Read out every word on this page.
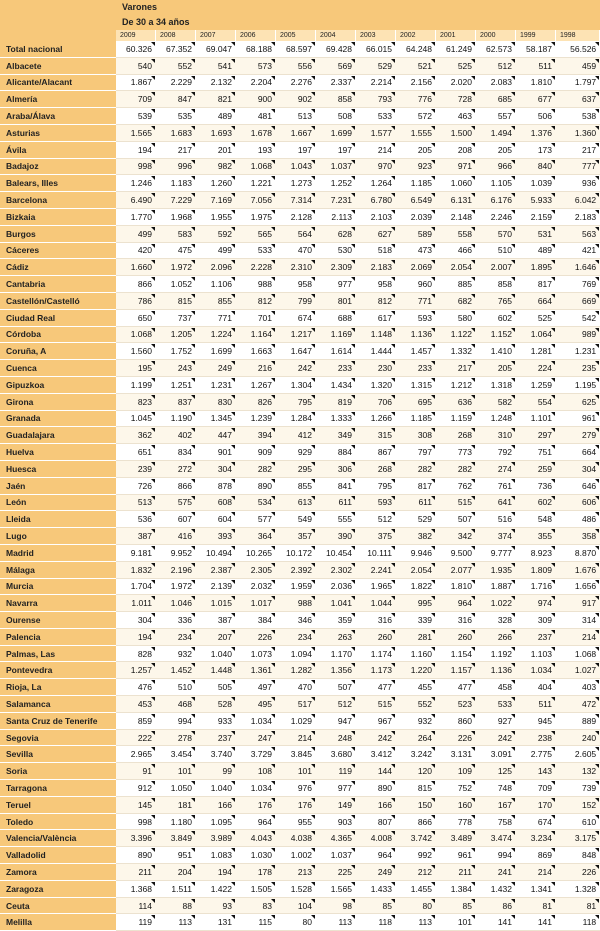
	Varones											
	De 30 a 34 años											
	2009	2008	2007	2006	2005	2004	2003	2002	2001	2000	1999	1998
Total nacional	60.326	67.352	69.047	68.188	68.597	69.428	66.015	64.248	61.249	62.573	58.187	56.526

Albacete	540	552	541	573	556	569	529	521	525	512	511	459

Alicante/Alacant	1.867	2.229	2.132	2.204	2.276	2.337	2.214	2.156	2.020	2.083	1.810	1.797

Almería	709	847	821	900	902	858	793	776	728	685	677	637

Araba/Álava	539	535	489	481	513	508	533	572	463	557	506	538

Asturias	1.565	1.683	1.693	1.678	1.667	1.699	1.577	1.555	1.500	1.494	1.376	1.360

Ávila	194	217	201	193	197	197	214	205	208	205	173	217

Badajoz	998	996	982	1.068	1.043	1.037	970	923	971	966	840	777

Balears, Illes	1.246	1.183	1.260	1.221	1.273	1.252	1.264	1.185	1.060	1.105	1.039	936

Barcelona	6.490	7.229	7.169	7.056	7.314	7.231	6.780	6.549	6.131	6.176	5.933	6.042

Bizkaia	1.770	1.968	1.955	1.975	2.128	2.113	2.103	2.039	2.148	2.246	2.159	2.183

Burgos	499	583	592	565	564	628	627	589	558	570	531	563

Cáceres	420	475	499	533	470	530	518	473	466	510	489	421

Cádiz	1.660	1.972	2.096	2.228	2.310	2.309	2.183	2.069	2.054	2.007	1.895	1.646

Cantabria	866	1.052	1.106	988	958	977	958	960	885	858	817	769

Castellón/Castelló	786	815	855	812	799	801	812	771	682	765	664	669

Ciudad Real	650	737	771	701	674	688	617	593	580	602	525	542

Córdoba	1.068	1.205	1.224	1.164	1.217	1.169	1.148	1.136	1.122	1.152	1.064	989

Coruña, A	1.560	1.752	1.699	1.663	1.647	1.614	1.444	1.457	1.332	1.410	1.281	1.231

Cuenca	195	243	249	216	242	233	230	233	217	205	224	235

Gipuzkoa	1.199	1.251	1.231	1.267	1.304	1.434	1.320	1.315	1.212	1.318	1.259	1.195

Girona	823	837	830	826	795	819	706	695	636	582	554	625

Granada	1.045	1.190	1.345	1.239	1.284	1.333	1.266	1.185	1.159	1.248	1.101	961

Guadalajara	362	402	447	394	412	349	315	308	268	310	297	279

Huelva	651	834	901	909	929	884	867	797	773	792	751	664

Huesca	239	272	304	282	295	306	268	282	282	274	259	304

Jaén	726	866	878	890	855	841	795	817	762	761	736	646

León	513	575	608	534	613	611	593	611	515	641	602	606

Lleida	536	607	604	577	549	555	512	529	507	516	548	486

Lugo	387	416	393	364	357	390	375	382	342	374	355	358

Madrid	9.181	9.952	10.494	10.265	10.172	10.454	10.111	9.946	9.500	9.777	8.923	8.870

Málaga	1.832	2.196	2.387	2.305	2.392	2.302	2.241	2.054	2.077	1.935	1.809	1.676

Murcia	1.704	1.972	2.139	2.032	1.959	2.036	1.965	1.822	1.810	1.887	1.716	1.656

Navarra	1.011	1.046	1.015	1.017	988	1.041	1.044	995	964	1.022	974	917

Ourense	304	336	387	384	346	359	316	339	316	328	309	314

Palencia	194	234	207	226	234	263	260	281	260	266	237	214

Palmas, Las	828	932	1.040	1.073	1.094	1.170	1.174	1.160	1.154	1.192	1.103	1.068

Pontevedra	1.257	1.452	1.448	1.361	1.282	1.356	1.173	1.220	1.157	1.136	1.034	1.027

Rioja, La	476	510	505	497	470	507	477	455	477	458	404	403

Salamanca	453	468	528	495	517	512	515	552	523	533	511	472

Santa Cruz de Tenerife	859	994	933	1.034	1.029	947	967	932	860	927	945	889

Segovia	222	278	237	247	214	248	242	264	226	242	238	240

Sevilla	2.965	3.454	3.740	3.729	3.845	3.680	3.412	3.242	3.131	3.091	2.775	2.605

Soria	91	101	99	108	101	119	144	120	109	125	143	132

Tarragona	912	1.050	1.040	1.034	976	977	890	815	752	748	709	739

Teruel	145	181	166	176	176	149	166	150	160	167	170	152

Toledo	998	1.180	1.095	964	955	903	807	866	778	758	674	610

Valencia/València	3.396	3.849	3.989	4.043	4.038	4.365	4.008	3.742	3.489	3.474	3.234	3.175

Valladolid	890	951	1.083	1.030	1.002	1.037	964	992	961	994	869	848

Zamora	211	204	194	178	213	225	249	212	211	241	214	226

Zaragoza	1.368	1.511	1.422	1.505	1.528	1.565	1.433	1.455	1.384	1.432	1.341	1.328

Ceuta	114	88	93	83	104	98	85	80	85	86	81	81

Melilla	119	113	131	115	80	113	118	113	101	141	141	118
